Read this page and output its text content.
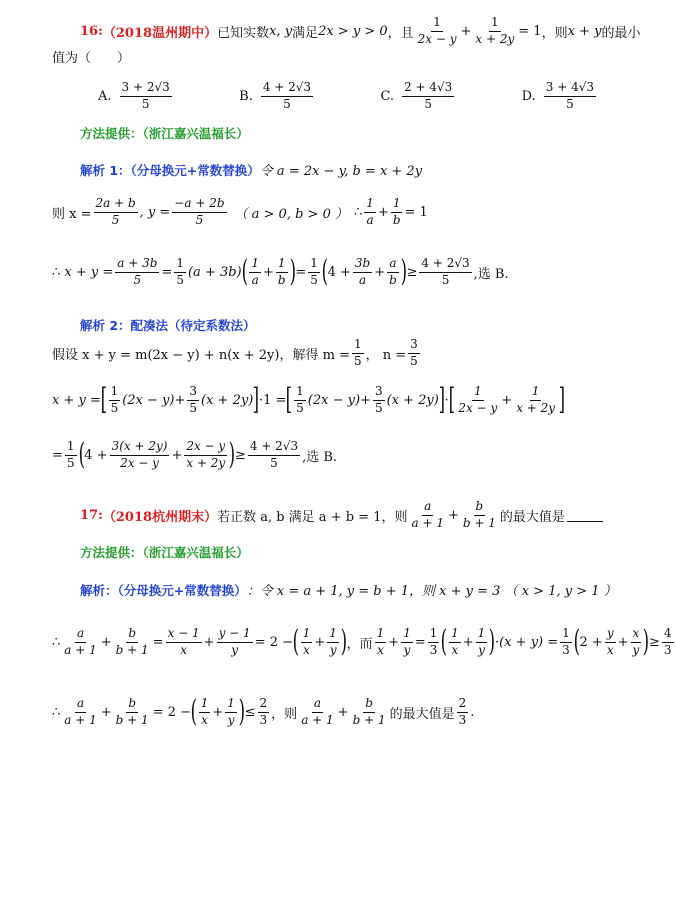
16: （2018温州期中） 已知实数 x, y 满足 2x > y > 0 ，且 $\frac{1}{2x - y} + \frac{1}{x + 2y} = 1$ ，则 x + y 的最小
值为（　　）
A. $\frac{3 + 2√3}{5}$	B. $\frac{4 + 2√3}{5}$	C. $\frac{2 + 4√3}{5}$	D. $\frac{3 + 4√3}{5}$
方法提供：（浙江嘉兴温福长）
解析 1：（分母换元+常数替换） 令 a = 2x − y, b = x + 2y
则 $x = \frac{2a + b}{5}$ , $y = \frac{-a + 2b}{5}$ （ a > 0, b > 0 ） ∴ $\frac{1}{a} + \frac{1}{b} = 1$
∴ $x + y = \frac{a + 3b}{5} = \frac{1}{5} (a + 3b)$ ( $\frac{1}{a} + \frac{1}{b}$ ) = $\frac{1}{5}$ ( $4 + \frac{3b}{a} + \frac{a}{b}$ ) ≥ $\frac{4 + 2√3}{5}$ ,选 B.
解析 2：配凑法（待定系数法）
假设 x + y = m(2x − y) + n(x + 2y)，解得 $m = \frac{1}{5}$ ， $n = \frac{3}{5}$
x + y = [ $\frac{1}{5} (2x - y) + \frac{3}{5} (x + 2y)$ ] ·1 = [ $\frac{1}{5} (2x - y) + \frac{3}{5} (x + 2y)$ ] · [ $\frac{1}{2x - y} + \frac{1}{x + 2y}$ ]
= $\frac{1}{5}$ ( $4 + \frac{3(x + 2y)}{2x - y} + \frac{2x - y}{x + 2y}$ ) ≥ $\frac{4 + 2√3}{5}$ ,选 B.
17: （2018杭州期末） 若正数 a, b 满足 a + b = 1，则 $\frac{a}{a + 1} + \frac{b}{b + 1}$ 的最大值是
方法提供：（浙江嘉兴温福长）
解析：（分母换元+常数替换） ：令 x = a + 1, y = b + 1，则 x + y = 3 （ x > 1, y > 1 ）
∴ $\frac{a}{a + 1} + \frac{b}{b + 1} = \frac{x - 1}{x} + \frac{y - 1}{y} = 2$ − ( $\frac{1}{x} + \frac{1}{y}$ ) ，而 $\frac{1}{x} + \frac{1}{y} = \frac{1}{3}$ ( $\frac{1}{x} + \frac{1}{y}$ ) $\cdot(x + y) = \frac{1}{3}$ ( $2 + \frac{y}{x} + \frac{x}{y}$ ) ≥ $\frac{4}{3}$
∴ $\frac{a}{a + 1} + \frac{b}{b + 1} = 2$ − ( $\frac{1}{x} + \frac{1}{y}$ ) ≤ $\frac{2}{3}$ ，则 $\frac{a}{a + 1} + \frac{b}{b + 1}$ 的最大值是 $\frac{2}{3}$ .
